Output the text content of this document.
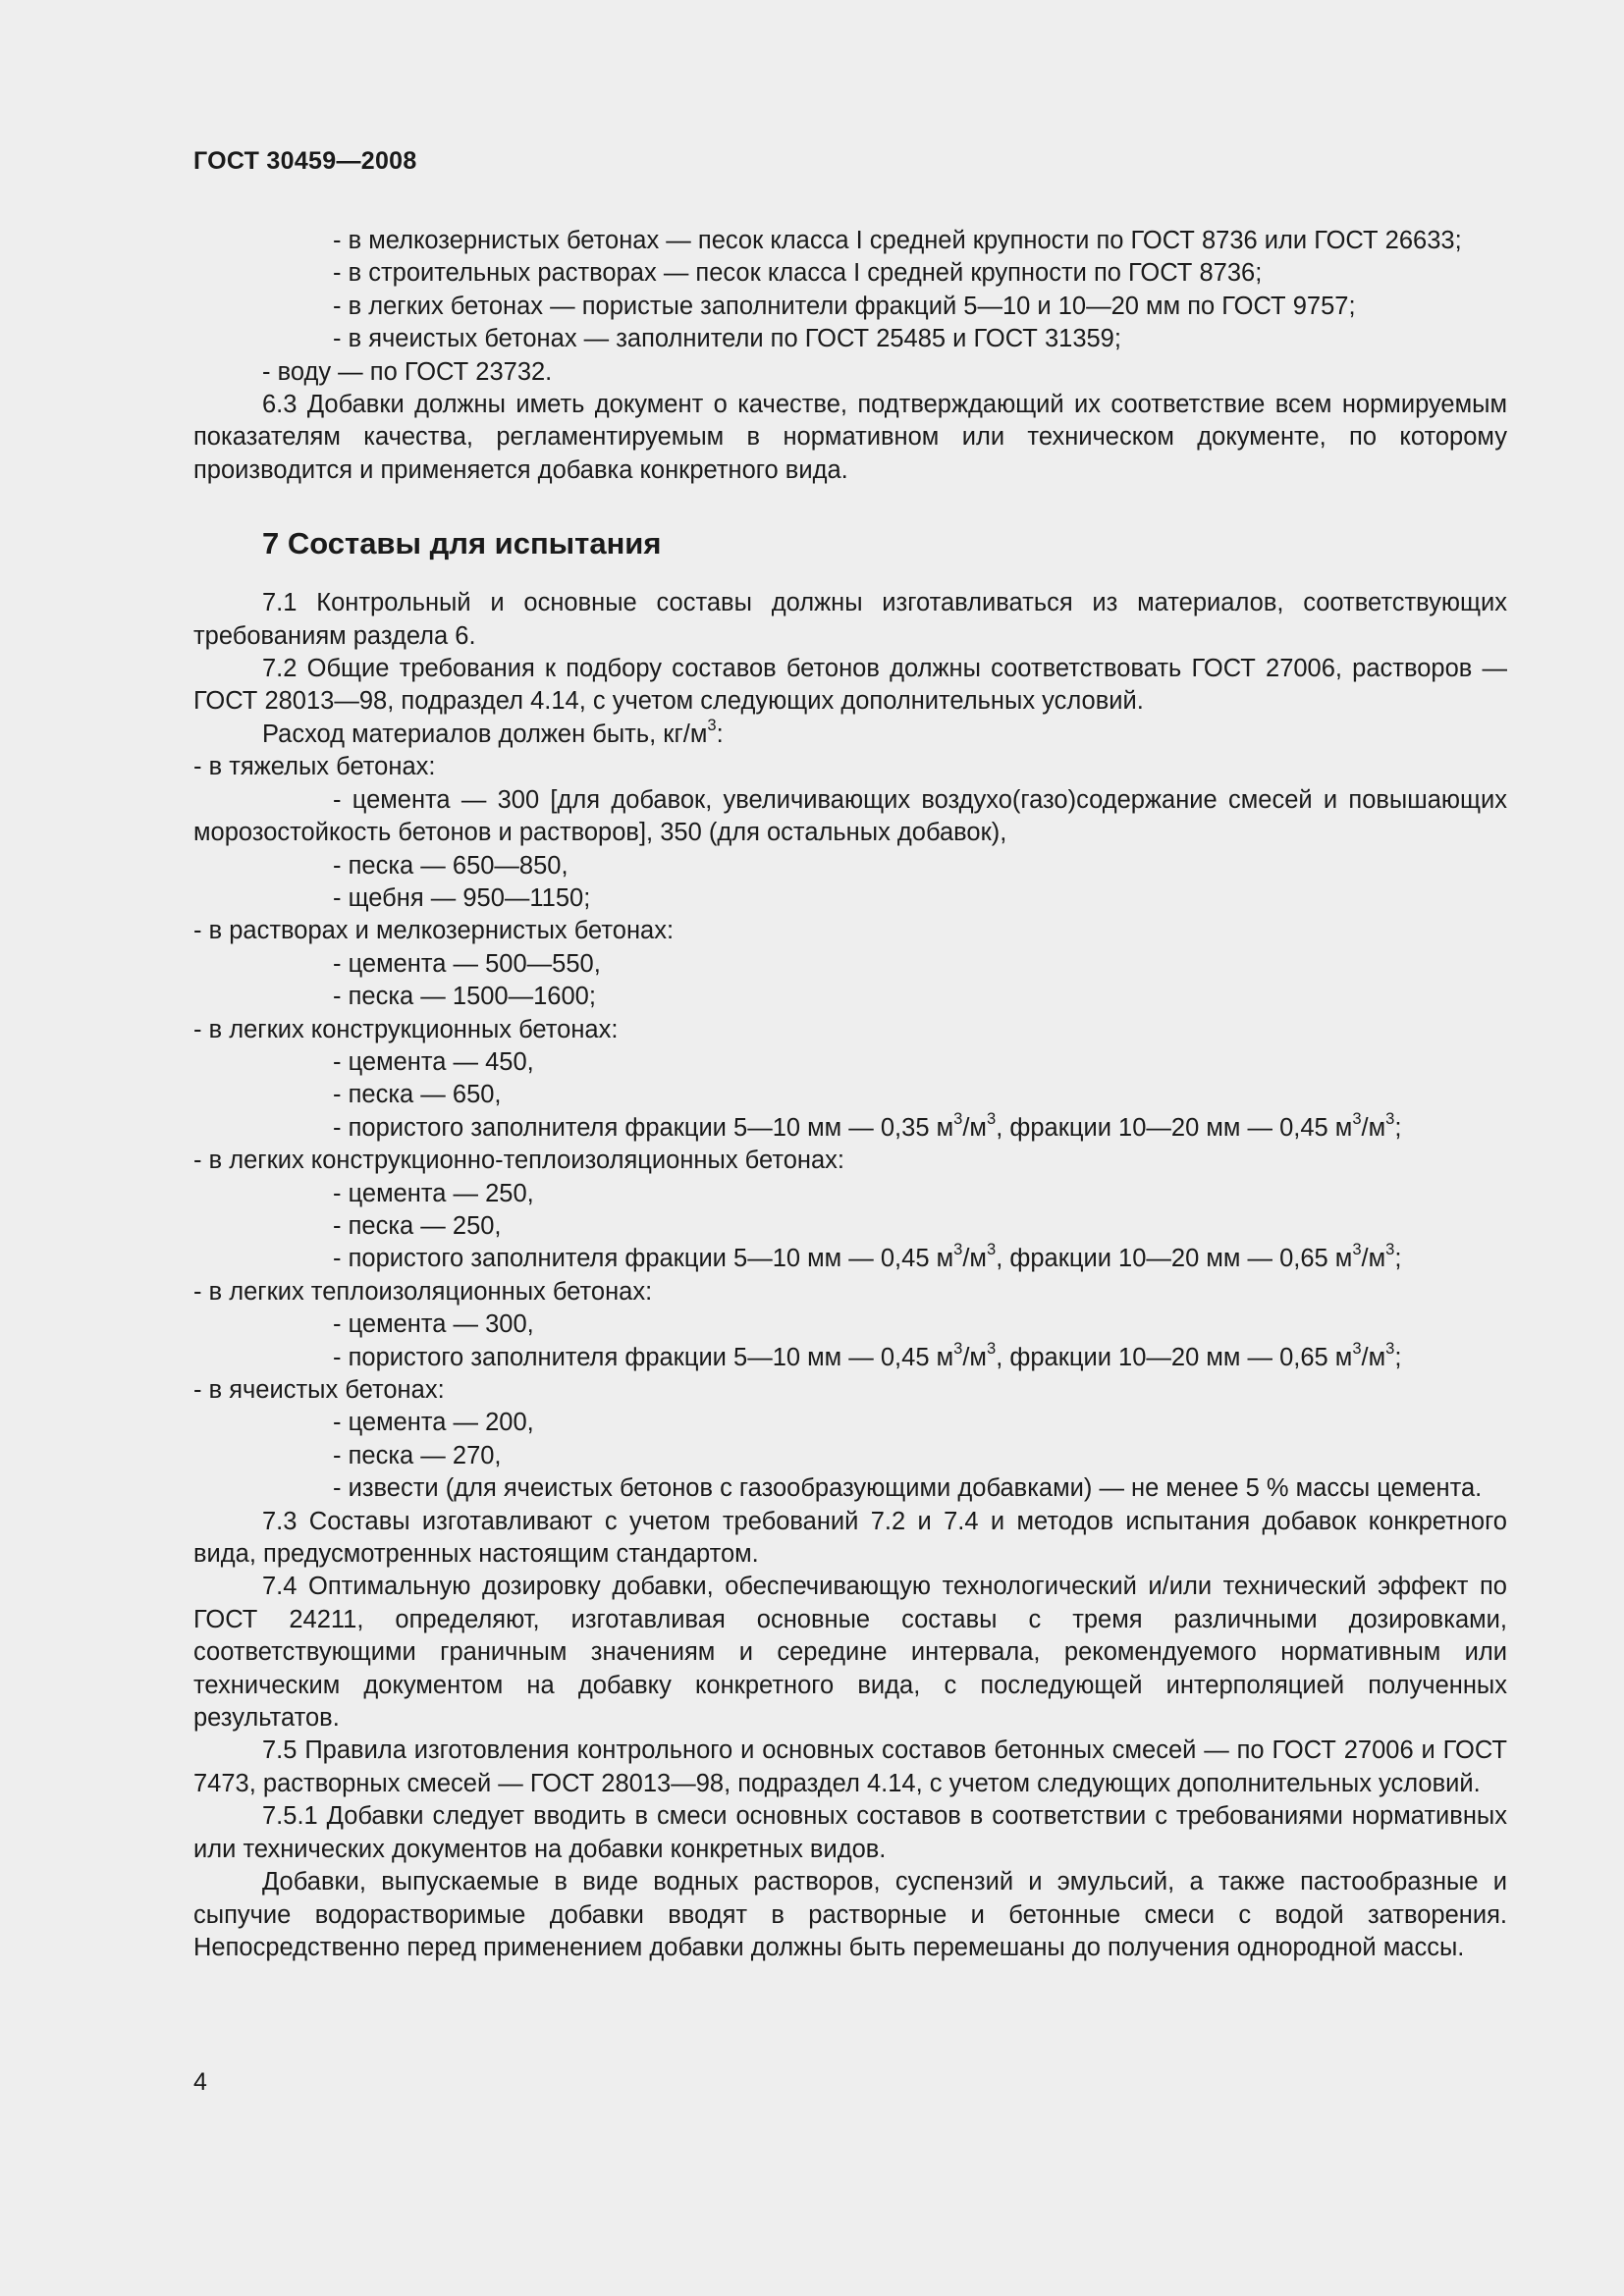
ГОСТ 30459—2008

- в мелкозернистых бетонах — песок класса I средней крупности по ГОСТ 8736 или ГОСТ 26633;

- в строительных растворах — песок класса I средней крупности по ГОСТ 8736;

- в легких бетонах — пористые заполнители фракций 5—10 и 10—20 мм по ГОСТ 9757;

- в ячеистых бетонах — заполнители по ГОСТ 25485 и ГОСТ 31359;

- воду — по ГОСТ 23732.

6.3 Добавки должны иметь документ о качестве, подтверждающий их соответствие всем нормируемым показателям качества, регламентируемым в нормативном или техническом документе, по которому производится и применяется добавка конкретного вида.

7 Составы для испытания

7.1 Контрольный и основные составы должны изготавливаться из материалов, соответствующих требованиям раздела 6.

7.2 Общие требования к подбору составов бетонов должны соответствовать ГОСТ 27006, растворов — ГОСТ 28013—98, подраздел 4.14, с учетом следующих дополнительных условий.

Расход материалов должен быть, $кг/м^3$:

- в тяжелых бетонах:

- цемента — 300 [для добавок, увеличивающих воздухо(газо)содержание смесей и повышающих морозостойкость бетонов и растворов], 350 (для остальных добавок),

- песка — 650—850,

- щебня — 950—1150;

- в растворах и мелкозернистых бетонах:

- цемента — 500—550,

- песка — 1500—1600;

- в легких конструкционных бетонах:

- цемента — 450,

- песка — 650,

- пористого заполнителя фракции 5—10 мм — 0,35 $м^3/м^3$, фракции 10—20 мм — 0,45 $м^3/м^3$;

- в легких конструкционно-теплоизоляционных бетонах:

- цемента — 250,

- песка — 250,

- пористого заполнителя фракции 5—10 мм — 0,45 $м^3/м^3$, фракции 10—20 мм — 0,65 $м^3/м^3$;

- в легких теплоизоляционных бетонах:

- цемента — 300,

- пористого заполнителя фракции 5—10 мм — 0,45 $м^3/м^3$, фракции 10—20 мм — 0,65 $м^3/м^3$;

- в ячеистых бетонах:

- цемента — 200,

- песка — 270,

- извести (для ячеистых бетонов с газообразующими добавками) — не менее 5 % массы цемента.

7.3 Составы изготавливают с учетом требований 7.2 и 7.4 и методов испытания добавок конкретного вида, предусмотренных настоящим стандартом.

7.4 Оптимальную дозировку добавки, обеспечивающую технологический и/или технический эффект по ГОСТ 24211, определяют, изготавливая основные составы с тремя различными дозировками, соответствующими граничным значениям и середине интервала, рекомендуемого нормативным или техническим документом на добавку конкретного вида, с последующей интерполяцией полученных результатов.

7.5 Правила изготовления контрольного и основных составов бетонных смесей — по ГОСТ 27006 и ГОСТ 7473, растворных смесей — ГОСТ 28013—98, подраздел 4.14, с учетом следующих дополнительных условий.

7.5.1 Добавки следует вводить в смеси основных составов в соответствии с требованиями нормативных или технических документов на добавки конкретных видов.

Добавки, выпускаемые в виде водных растворов, суспензий и эмульсий, а также пастообразные и сыпучие водорастворимые добавки вводят в растворные и бетонные смеси с водой затворения. Непосредственно перед применением добавки должны быть перемешаны до получения однородной массы.

4
